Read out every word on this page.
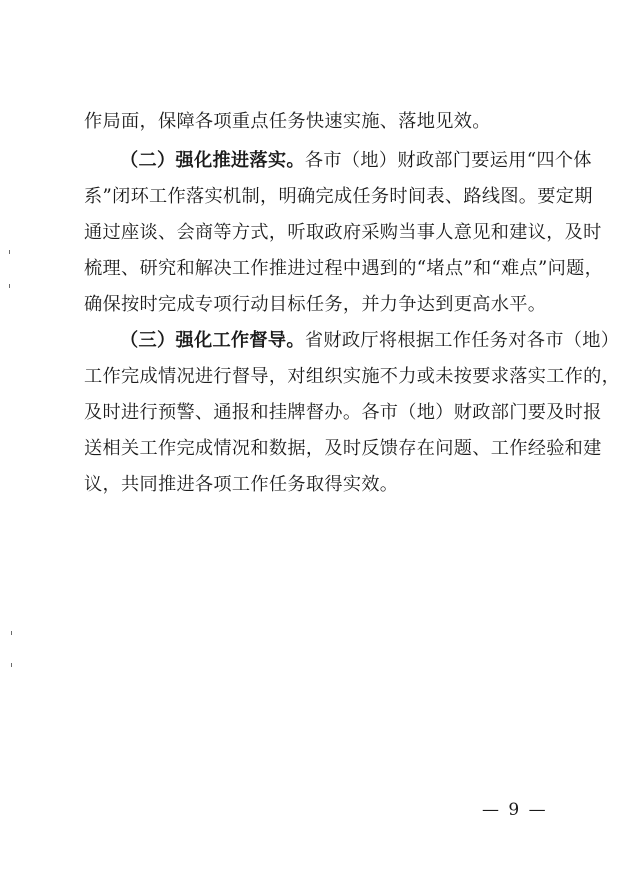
作局面，保障各项重点任务快速实施、落地见效。
（二）强化推进落实。各市（地）财政部门要运用“四个体
系”闭环工作落实机制，明确完成任务时间表、路线图。要定期
通过座谈、会商等方式，听取政府采购当事人意见和建议，及时
梳理、研究和解决工作推进过程中遇到的“堵点”和“难点”问题，
确保按时完成专项行动目标任务，并力争达到更高水平。
（三）强化工作督导。省财政厅将根据工作任务对各市（地）
工作完成情况进行督导，对组织实施不力或未按要求落实工作的，
及时进行预警、通报和挂牌督办。各市（地）财政部门要及时报
送相关工作完成情况和数据，及时反馈存在问题、工作经验和建
议，共同推进各项工作任务取得实效。
— 9 —
